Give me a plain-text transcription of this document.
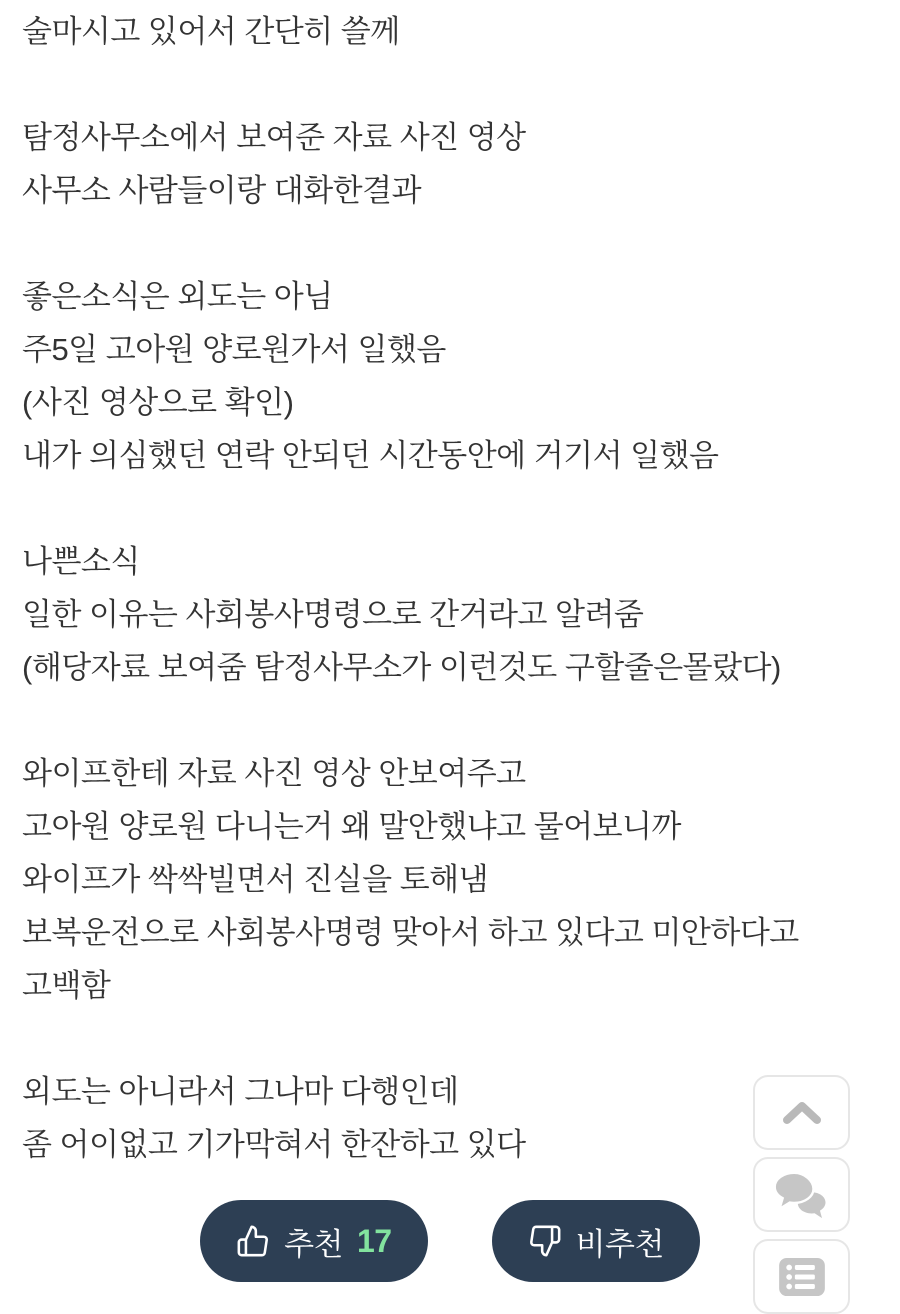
술마시고 있어서 간단히 쓸께
탐정사무소에서 보여준 자료 사진 영상
사무소 사람들이랑 대화한결과
좋은소식은 외도는 아님
주5일 고아원 양로원가서 일했음
(사진 영상으로 확인)
내가 의심했던 연락 안되던 시간동안에 거기서 일했음
나쁜소식
일한 이유는 사회봉사명령으로 간거라고 알려줌
(해당자료 보여줌 탐정사무소가 이런것도 구할줄은몰랐다)
와이프한테 자료 사진 영상 안보여주고
고아원 양로원 다니는거 왜 말안했냐고 물어보니까
와이프가 싹싹빌면서 진실을 토해냄
보복운전으로 사회봉사명령 맞아서 하고 있다고 미안하다고 고백함
외도는 아니라서 그나마 다행인데
좀 어이없고 기가막혀서 한잔하고 있다
추천 17	비추천
